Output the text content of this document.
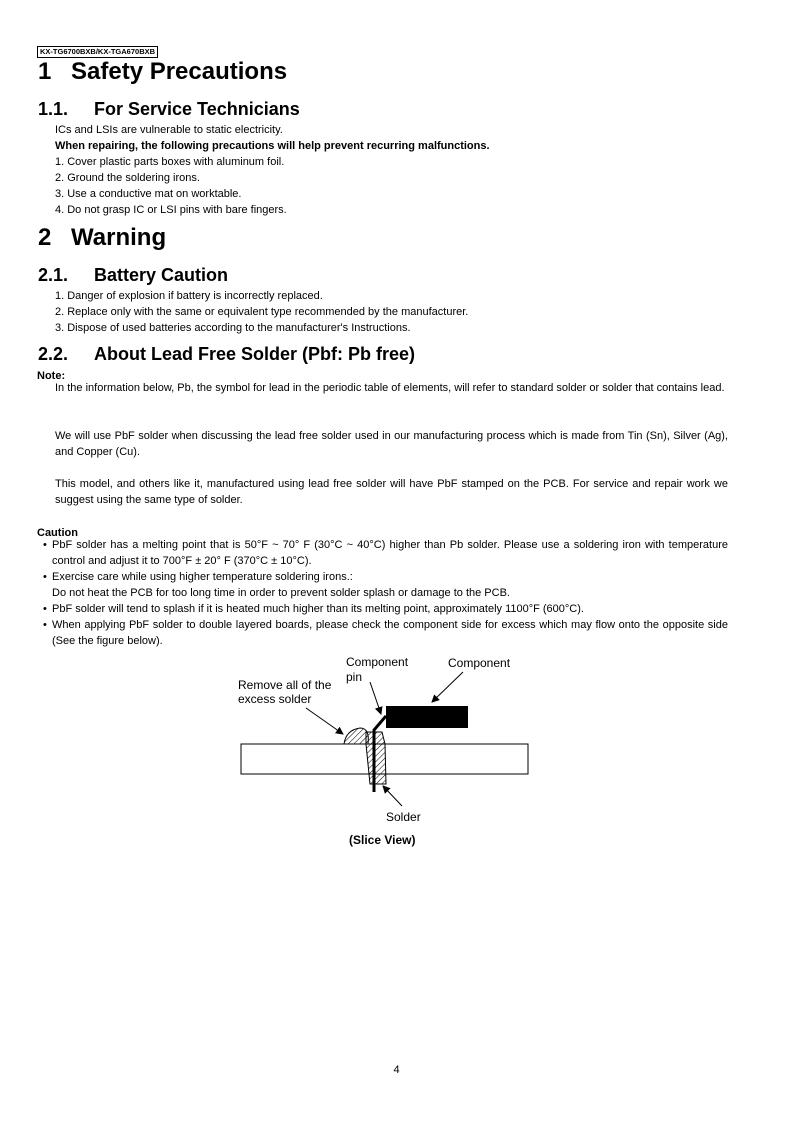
KX-TG6700BXB/KX-TGA670BXB
1 Safety Precautions
1.1. For Service Technicians

ICs and LSIs are vulnerable to static electricity.

When repairing, the following precautions will help prevent recurring malfunctions.

1. Cover plastic parts boxes with aluminum foil.

2. Ground the soldering irons.

3. Use a conductive mat on worktable.

4. Do not grasp IC or LSI pins with bare fingers.

2 Warning
2.1. Battery Caution

1. Danger of explosion if battery is incorrectly replaced.

2. Replace only with the same or equivalent type recommended by the manufacturer.

3. Dispose of used batteries according to the manufacturer's Instructions.

2.2. About Lead Free Solder (Pbf: Pb free)

Note:

In the information below, Pb, the symbol for lead in the periodic table of elements, will refer to standard solder or solder that contains lead.

We will use PbF solder when discussing the lead free solder used in our manufacturing process which is made from Tin (Sn), Silver (Ag), and Copper (Cu).

This model, and others like it, manufactured using lead free solder will have PbF stamped on the PCB. For service and repair work we suggest using the same type of solder.

Caution

• PbF solder has a melting point that is 50°F ~ 70° F (30°C ~ 40°C) higher than Pb solder. Please use a soldering iron with temperature control and adjust it to 700°F ± 20° F (370°C ± 10°C).

• Exercise care while using higher temperature soldering irons.:

Do not heat the PCB for too long time in order to prevent solder splash or damage to the PCB.

• PbF solder will tend to splash if it is heated much higher than its melting point, approximately 1100°F (600°C).

• When applying PbF solder to double layered boards, please check the component side for excess which may flow onto the opposite side (See the figure below).

Component
pin
Component
Remove all of the
excess solder
Solder
(Slice View)
4
